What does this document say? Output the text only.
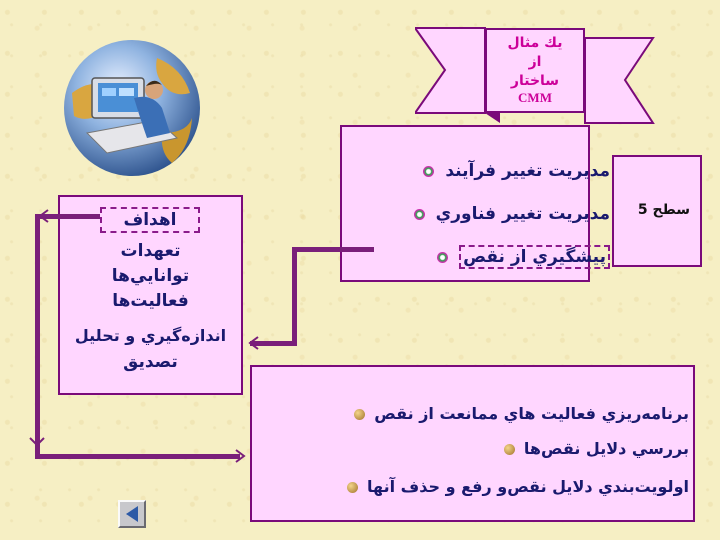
يك مثال
از
ساختار
CMM
سطح 5
مديريت تغيير فرآيند
مديريت تغيير فناوري
پيشگيري از نقص
اهداف
تعهدات
توانايي‌ها
فعاليت‌ها
اندازه‌گيري و تحليل
تصديق
برنامه‌ريزي فعاليت هاي ممانعت از نقص
بررسي دلايل نقص‌ها
اولويت‌بندي دلايل نقص‌و رفع و حذف آنها
